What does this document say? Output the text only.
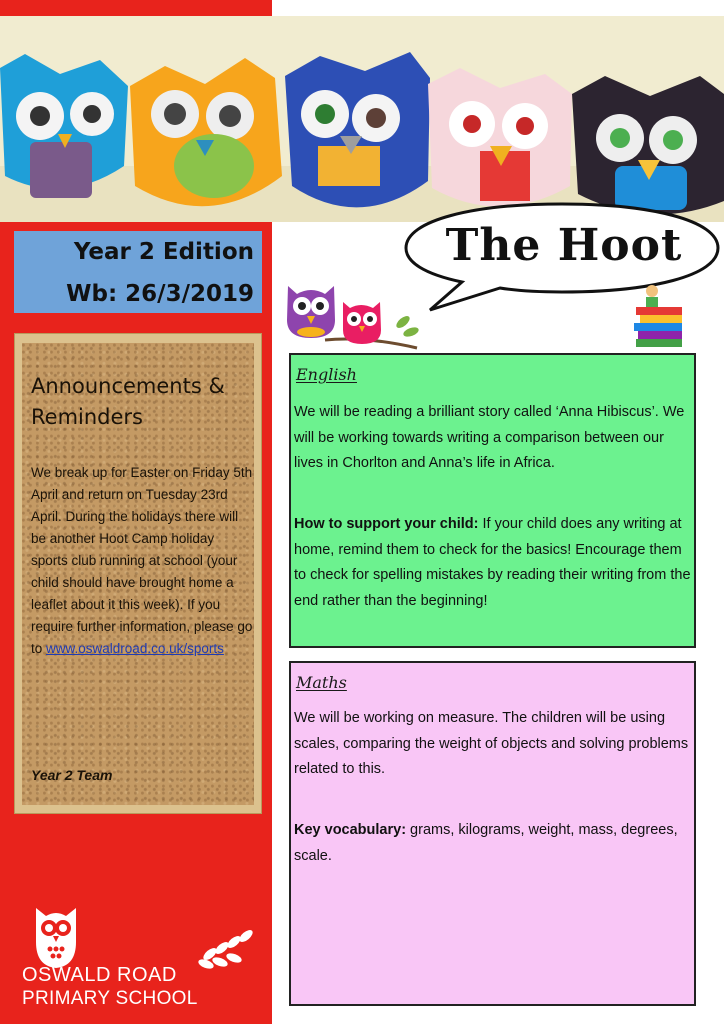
Year 2 Edition
Wb: 26/3/2019
Announcements & Reminders
We break up for Easter on Friday 5th April and return on Tuesday 23rd April. During the holidays there will be another Hoot Camp holiday sports club running at school (your child should have brought home a leaflet about it this week). If you require further information, please go to www.oswaldroad.co.uk/sports
Year 2 Team
OSWALD ROAD
PRIMARY SCHOOL
The Hoot
English
We will be reading a brilliant story called ‘Anna Hibiscus’. We will be working towards writing a comparison between our lives in Chorlton and Anna’s life in Africa.
How to support your child: If your child does any writing at home, remind them to check for the basics! Encourage them to check for spelling mistakes by reading their writing from the end rather than the beginning!
Maths
We will be working on measure. The children will be using scales, comparing the weight of objects and solving problems related to this.
Key vocabulary: grams, kilograms, weight, mass, degrees, scale.
